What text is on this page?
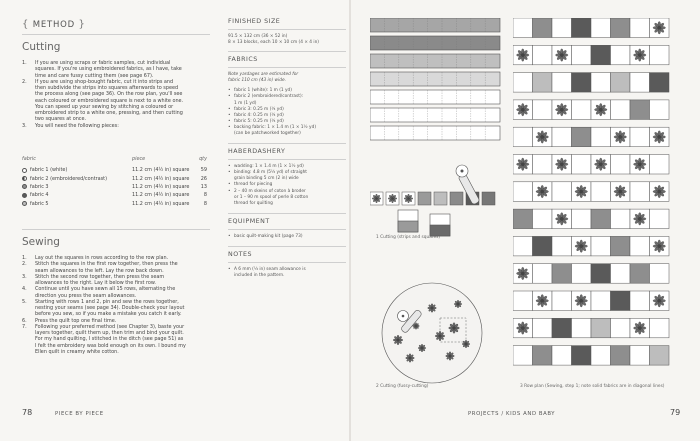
{ METHOD }
Cutting
1.	If you are using scraps or fabric samples, cut individual
squares. If you're using embroidered fabrics, as I have, take
time and care fussy cutting them (see page 67).
2.	If you are using shop-bought fabric, cut it into strips and
then subdivide the strips into squares afterwards to speed
the process along (see page 36). On the row plan, you'll see
each coloured or embroidered square is next to a white one.
You can speed up your sewing by stitching a coloured or
embroidered strip to a white one, pressing, and then cutting
two squares at once.
3.	You will need the following pieces:
fabric	piece	qty
fabric 1 (white)	11.2 cm (4½ in) square	59
fabric 2 (embroidered/contrast)	11.2 cm (4½ in) square	26
fabric 3	11.2 cm (4½ in) square	13
fabric 4	11.2 cm (4½ in) square	8
fabric 5	11.2 cm (4½ in) square	8
Sewing
1.	Lay out the squares in rows according to the row plan.
2.	Stitch the squares in the first row together, then press the
seam allowances to the left. Lay the row back down.
3.	Stitch the second row together, then press the seam
allowances to the right. Lay it below the first row.
4.	Continue until you have sewn all 15 rows, alternating the
direction you press the seam allowances.
5.	Starting with rows 1 and 2, pin and sew the rows together,
nesting your seams (see page 34). Double-check your layout
before you sew, so if you make a mistake you catch it early.
6.	Press the quilt top one final time.
7.	Following your preferred method (see Chapter 3), baste your
layers together, quilt them up, then trim and bind your quilt.
For my hand quilting, I stitched in the ditch (see page 51) as
I felt the embroidery was bold enough on its own. I bound my
Ellen quilt in creamy white cotton.
FINISHED SIZE
91.5 × 132 cm (36 × 52 in)
8 × 13 blocks, each 10 × 10 cm (4 × 4 in)
FABRICS
Note yardages are estimated for
fabric 110 cm (43 in) wide.
• fabric 1 (white): 1 m (1 yd)
• fabric 2 (embroidered/contrast):
1 m (1 yd)
• fabric 3: 0.25 m (¼ yd)
• fabric 4: 0.25 m (¼ yd)
• fabric 5: 0.25 m (¼ yd)
• backing fabric: 1 × 1.4 m (1 × 1½ yd)
(can be patchworked together)
HABERDASHERY
• wadding: 1 × 1.4 m (1 × 1½ yd)
• binding: 4.8 m (5¼ yd) of straight
grain binding 5 cm (2 in) wide
• thread for piecing
• 2 – 40 m skeins of coton à broder
or 1 – 90 m spool of perle 8 cotton
thread for quilting
EQUIPMENT
• basic quilt-making kit (page 73)
NOTES
• A 6 mm (¼ in) seam allowance is
included in the pattern.
78	PIECE BY PIECE
1 Cutting (strips and squares)
2 Cutting (fussy-cutting)	3 Row plan (Sewing, step 1; note solid fabrics are in diagonal lines)
PROJECTS / KIDS AND BABY	79
